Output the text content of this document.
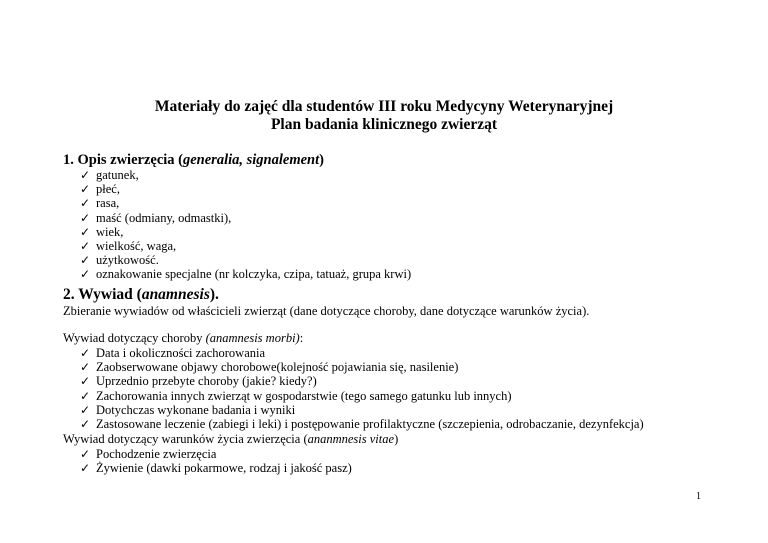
Materiały do zajęć dla studentów III roku Medycyny Weterynaryjnej
Plan badania klinicznego zwierząt
1. Opis zwierzęcia (generalia, signalement)
✓ gatunek,
✓ płeć,
✓ rasa,
✓ maść (odmiany, odmastki),
✓ wiek,
✓ wielkość, waga,
✓ użytkowość.
✓ oznakowanie specjalne (nr kolczyka, czipa, tatuaż, grupa krwi)
2. Wywiad (anamnesis).
Zbieranie wywiadów od właścicieli zwierząt (dane dotyczące choroby, dane dotyczące warunków życia).
Wywiad dotyczący choroby (anamnesis morbi):
✓ Data i okoliczności zachorowania
✓ Zaobserwowane objawy chorobowe(kolejność pojawiania się, nasilenie)
✓ Uprzednio przebyte choroby (jakie? kiedy?)
✓ Zachorowania innych zwierząt w gospodarstwie (tego samego gatunku lub innych)
✓ Dotychczas wykonane badania i wyniki
✓ Zastosowane leczenie (zabiegi i leki) i postępowanie profilaktyczne (szczepienia, odrobaczanie, dezynfekcja)
Wywiad dotyczący warunków życia zwierzęcia (ananmnesis vitae)
✓ Pochodzenie zwierzęcia
✓ Żywienie (dawki pokarmowe, rodzaj i jakość pasz)
1
